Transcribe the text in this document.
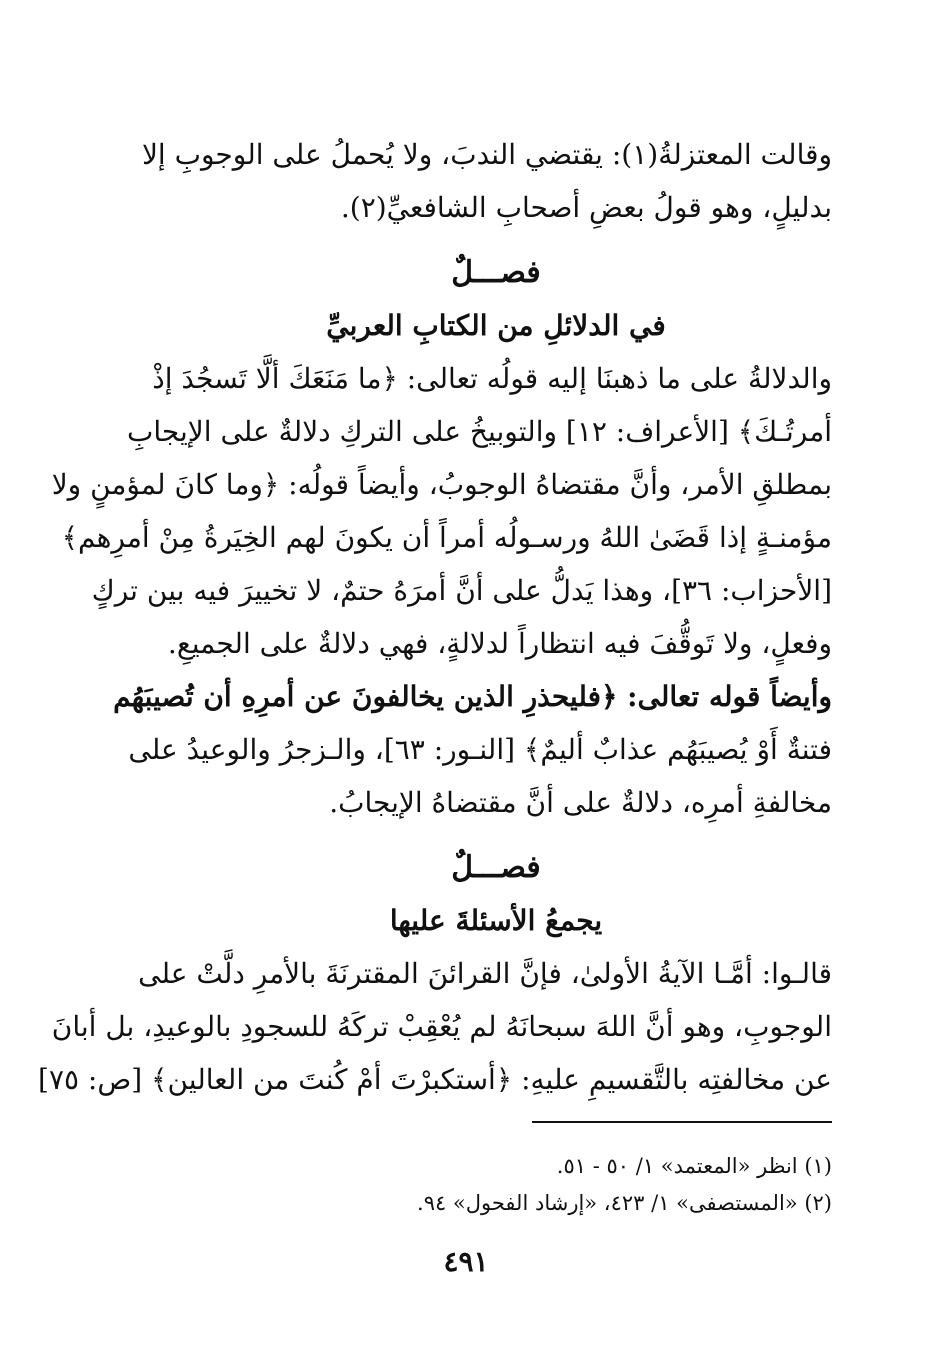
وقالت المعتزلةُ(١): يقتضي الندبَ، ولا يُحملُ على الوجوبِ إلا
بدليلٍ، وهو قولُ بعضِ أصحابِ الشافعيِّ(٢).
فصـــلٌ
في الدلائلِ من الكتابِ العربيِّ
والدلالةُ على ما ذهبنَا إليه قولُه تعالى: ﴿ما مَنَعَكَ ألَّا تَسجُدَ إذْ
أمرتُـكَ﴾ [الأعراف: ١٢] والتوبيخُ على التركِ دلالةٌ على الإيجابِ
بمطلقِ الأمر، وأنَّ مقتضاهُ الوجوبُ، وأيضاً قولُه: ﴿وما كانَ لمؤمنٍ ولا
مؤمنـةٍ إذا قَضَىٰ اللهُ ورسـولُه أمراً أن يكونَ لهم الخِيَرةُ مِنْ أمرِهم﴾
[الأحزاب: ٣٦]، وهذا يَدلُّ على أنَّ أمرَهُ حتمٌ، لا تخييرَ فيه بين تركٍ
وفعلٍ، ولا تَوقُّفَ فيه انتظاراً لدلالةٍ، فهي دلالةٌ على الجميعِ.
وأيضاً قوله تعالى: ﴿فليحذرِ الذين يخالفونَ عن أمرِهِ أن تُصيبَهُم
فتنةٌ أَوْ يُصيبَهُم عذابٌ أليمٌ﴾ [النـور: ٦٣]، والـزجرُ والوعيدُ على
مخالفةِ أمرِه، دلالةٌ على أنَّ مقتضاهُ الإيجابُ.
فصـــلٌ
يجمعُ الأسئلةَ عليها
قالـوا: أمَّـا الآيةُ الأولىٰ، فإنَّ القرائنَ المقترنَةَ بالأمرِ دلَّتْ على
الوجوبِ، وهو أنَّ اللهَ سبحانَهُ لم يُعْقِبْ تركَهُ للسجودِ بالوعيدِ، بل أبانَ
عن مخالفتِه بالتَّقسيمِ عليهِ: ﴿أستكبرْتَ أمْ كُنتَ من العالين﴾ [ص: ٧٥]
(١) انظر «المعتمد» ١/ ٥٠ - ٥١.
(٢) «المستصفى» ١/ ٤٢٣، «إرشاد الفحول» ٩٤.
٤٩١
